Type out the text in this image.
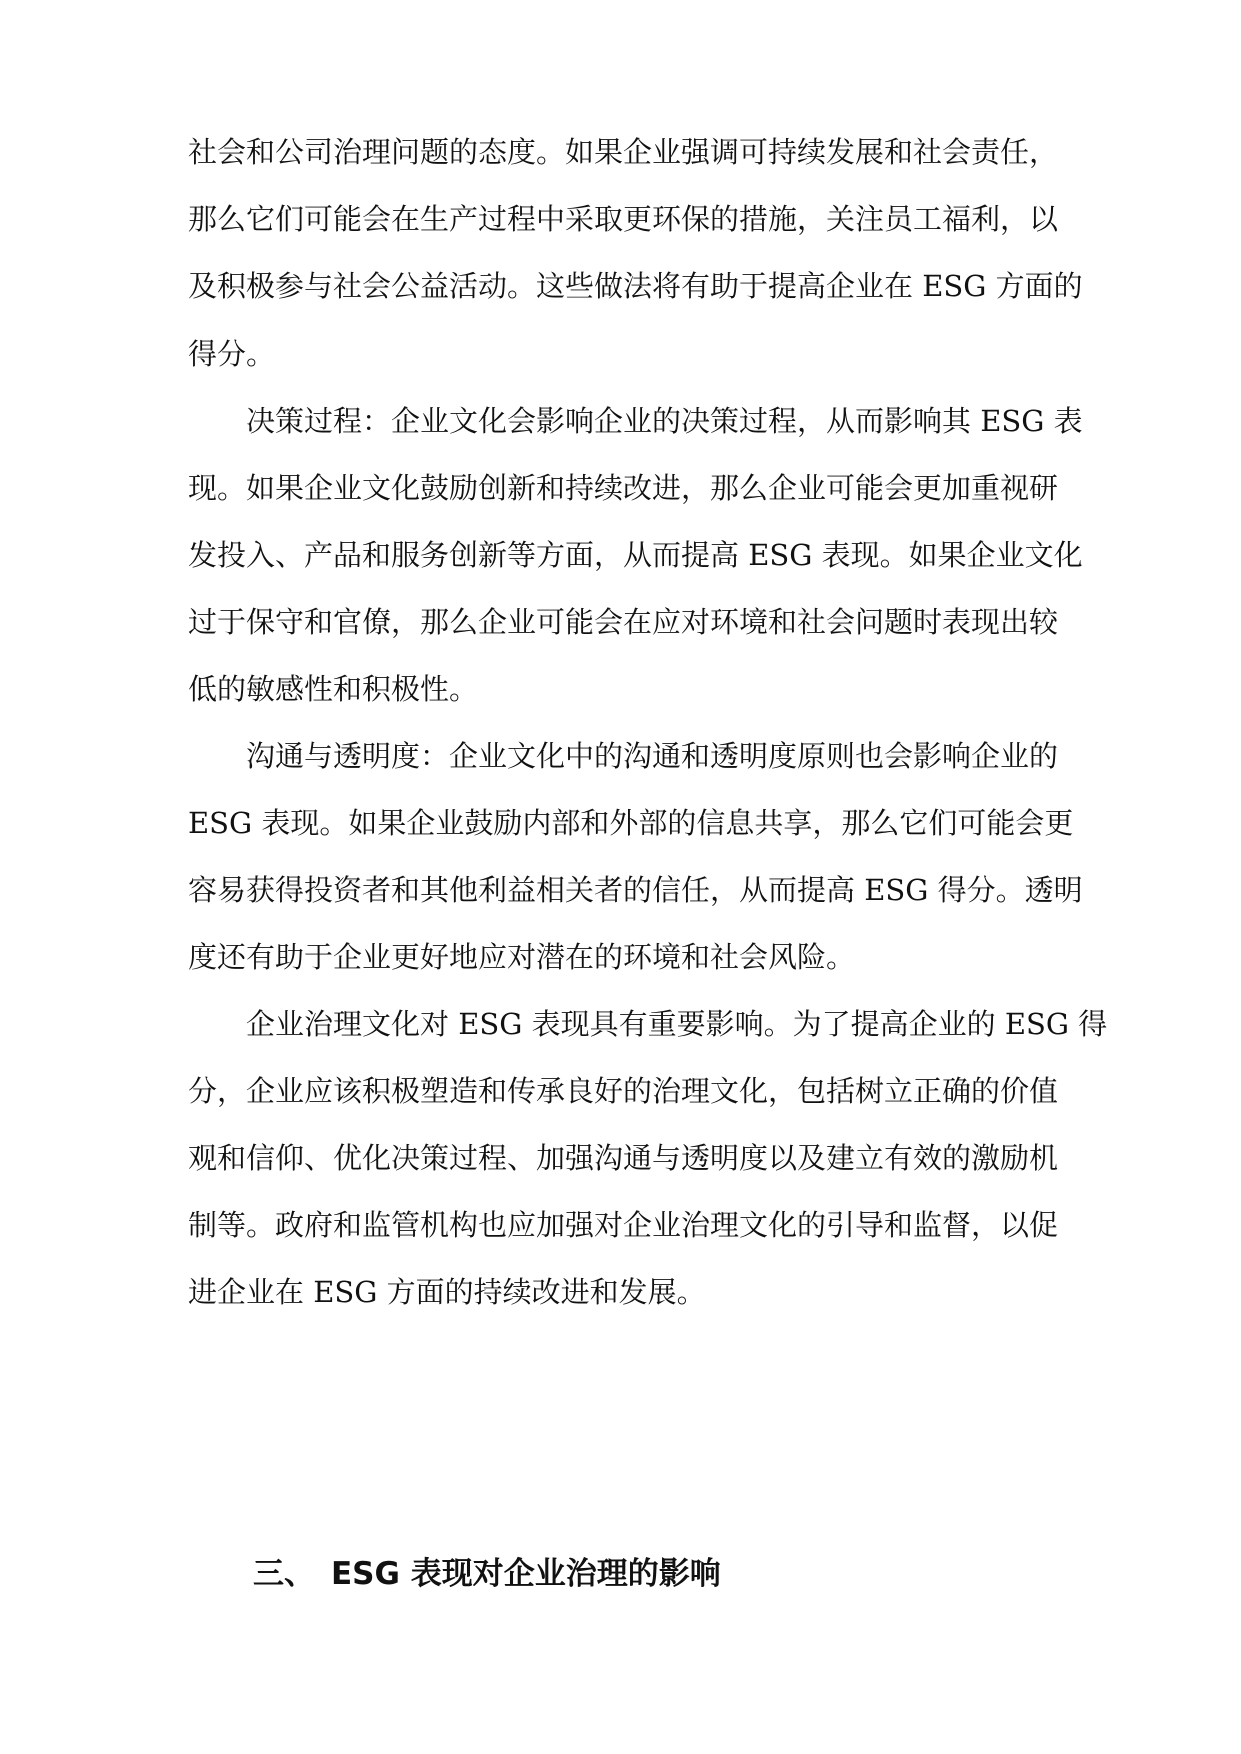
社会和公司治理问题的态度。如果企业强调可持续发展和社会责任，
那么它们可能会在生产过程中采取更环保的措施，关注员工福利，以
及积极参与社会公益活动。这些做法将有助于提高企业在 ESG 方面的
得分。
决策过程：企业文化会影响企业的决策过程，从而影响其 ESG 表
现。如果企业文化鼓励创新和持续改进，那么企业可能会更加重视研
发投入、产品和服务创新等方面，从而提高 ESG 表现。如果企业文化
过于保守和官僚，那么企业可能会在应对环境和社会问题时表现出较
低的敏感性和积极性。
沟通与透明度：企业文化中的沟通和透明度原则也会影响企业的
ESG 表现。如果企业鼓励内部和外部的信息共享，那么它们可能会更
容易获得投资者和其他利益相关者的信任，从而提高 ESG 得分。透明
度还有助于企业更好地应对潜在的环境和社会风险。
企业治理文化对 ESG 表现具有重要影响。为了提高企业的 ESG 得
分，企业应该积极塑造和传承良好的治理文化，包括树立正确的价值
观和信仰、优化决策过程、加强沟通与透明度以及建立有效的激励机
制等。政府和监管机构也应加强对企业治理文化的引导和监督，以促
进企业在 ESG 方面的持续改进和发展。
三、 ESG 表现对企业治理的影响
